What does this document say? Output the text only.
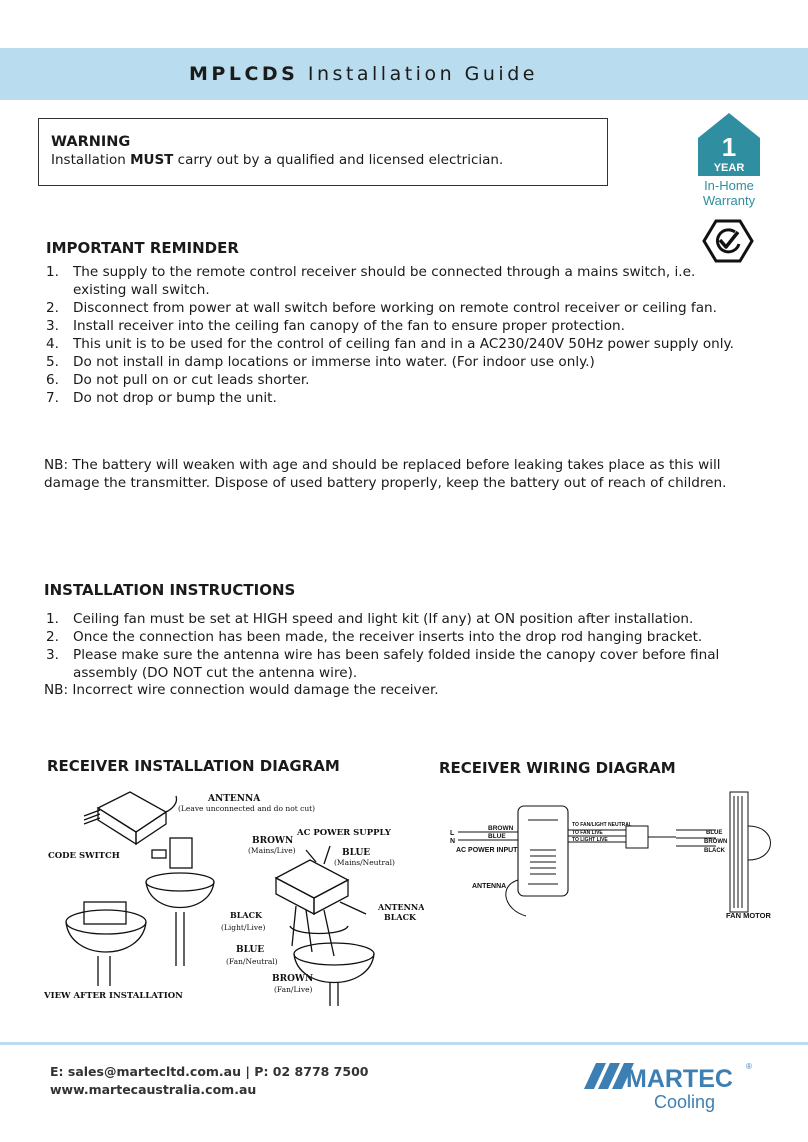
MPLCDS Installation Guide
WARNING
Installation MUST carry out by a qualified and licensed electrician.	1
YEAR
In-Home
Warranty
IMPORTANT REMINDER
1. The supply to the remote control receiver should be connected through a mains switch, i.e. existing wall switch.
2. Disconnect from power at wall switch before working on remote control receiver or ceiling fan.
3. Install receiver into the ceiling fan canopy of the fan to ensure proper protection.
4. This unit is to be used for the control of ceiling fan and in a AC230/240V 50Hz power supply only.
5. Do not install in damp locations or immerse into water. (For indoor use only.)
6. Do not pull on or cut leads shorter.
7. Do not drop or bump the unit.
NB: The battery will weaken with age and should be replaced before leaking takes place as this will damage the transmitter. Dispose of used battery properly, keep the battery out of reach of children.
INSTALLATION INSTRUCTIONS
1. Ceiling fan must be set at HIGH speed and light kit (If any) at ON position after installation.
2. Once the connection has been made, the receiver inserts into the drop rod hanging bracket.
3. Please make sure the antenna wire has been safely folded inside the canopy cover before final assembly (DO NOT cut the antenna wire).
NB: Incorrect wire connection would damage the receiver.
RECEIVER INSTALLATION DIAGRAM	RECEIVER WIRING DIAGRAM
ANTENNA
(Leave unconnected and do not cut)
CODE SWITCH
AC POWER SUPPLY
BROWN
(Mains/Live)	BLUE
(Mains/Neutral)
ANTENNA
BLACK
BLACK
(Light/Live)
BLUE
(Fan/Neutral)
BROWN
(Fan/Live)
VIEW AFTER INSTALLATION
L
N
BROWN
BLUE
AC POWER INPUT
ANTENNA
TO FAN/LIGHT NEUTRAL
TO FAN LIVE
TO LIGHT LIVE
BLUE
BROWN
BLACK
FAN MOTOR
E: sales@martecltd.com.au | P: 02 8778 7500
www.martecaustralia.com.au	MARTEC ®
Cooling
